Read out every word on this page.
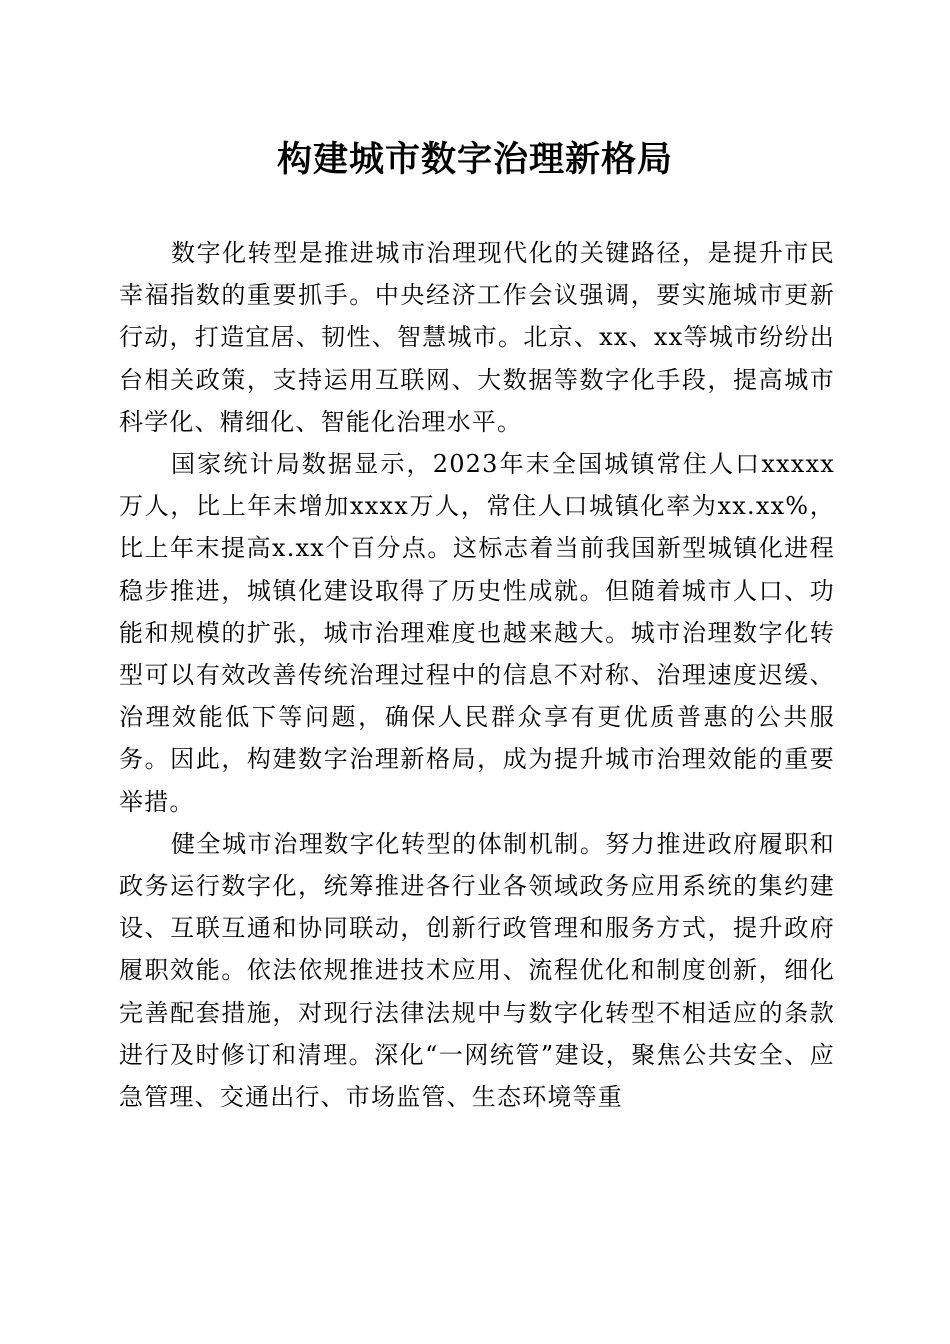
构建城市数字治理新格局

数字化转型是推进城市治理现代化的关键路径，是提升市民幸福指数的重要抓手。中央经济工作会议强调，要实施城市更新行动，打造宜居、韧性、智慧城市。北京、xx、xx等城市纷纷出台相关政策，支持运用互联网、大数据等数字化手段，提高城市科学化、精细化、智能化治理水平。

国家统计局数据显示，2023年末全国城镇常住人口xxxxx万人，比上年末增加xxxx万人，常住人口城镇化率为xx.xx%，比上年末提高x.xx个百分点。这标志着当前我国新型城镇化进程稳步推进，城镇化建设取得了历史性成就。但随着城市人口、功能和规模的扩张，城市治理难度也越来越大。城市治理数字化转型可以有效改善传统治理过程中的信息不对称、治理速度迟缓、治理效能低下等问题，确保人民群众享有更优质普惠的公共服务。因此，构建数字治理新格局，成为提升城市治理效能的重要举措。

健全城市治理数字化转型的体制机制。努力推进政府履职和政务运行数字化，统筹推进各行业各领域政务应用系统的集约建设、互联互通和协同联动，创新行政管理和服务方式，提升政府履职效能。依法依规推进技术应用、流程优化和制度创新，细化完善配套措施，对现行法律法规中与数字化转型不相适应的条款进行及时修订和清理。深化“一网统管”建设，聚焦公共安全、应急管理、交通出行、市场监管、生态环境等重
